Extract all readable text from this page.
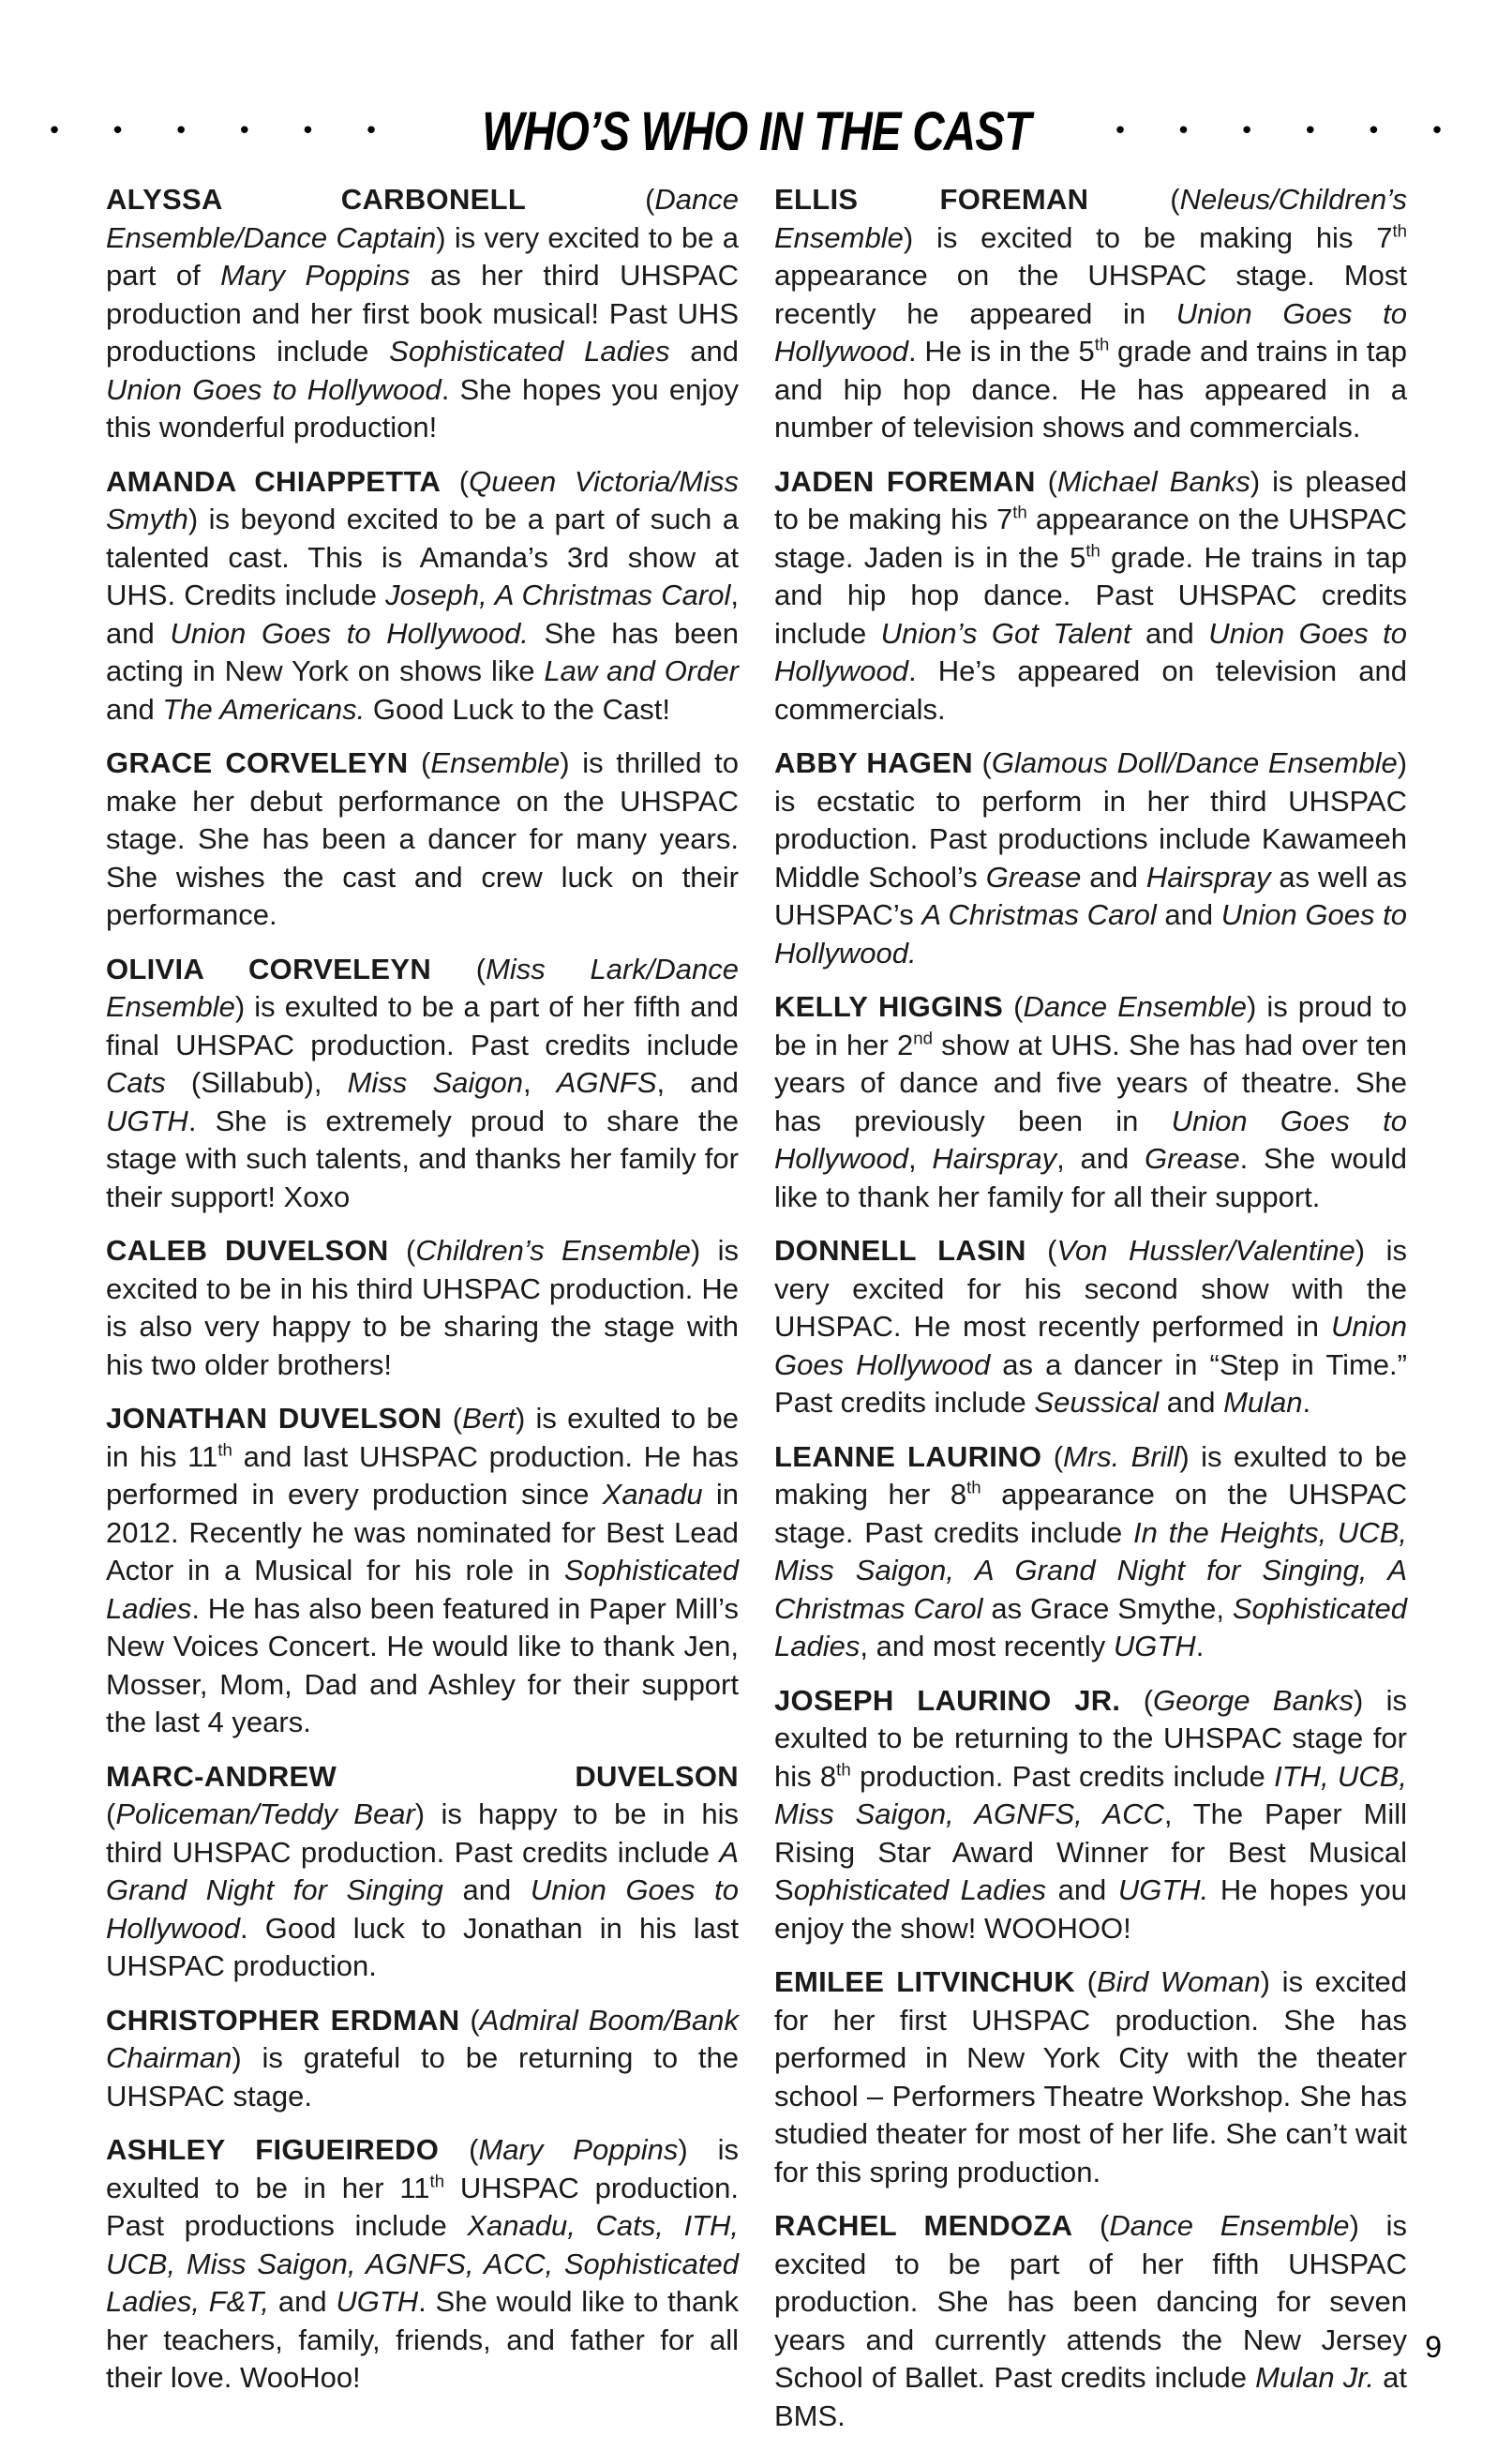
• • • • • • WHO’S WHO IN THE CAST	• • • • • •

ALYSSA CARBONELL (Dance Ensemble/Dance Captain) is very excited to be a part of Mary Poppins as her third UHSPAC production and her first book musical! Past UHS productions include Sophisticated Ladies and Union Goes to Hollywood. She hopes you enjoy this wonderful production!

AMANDA CHIAPPETTA (Queen Victoria/Miss Smyth) is beyond excited to be a part of such a talented cast. This is Amanda’s 3rd show at UHS. Credits include Joseph, A Christmas Carol, and Union Goes to Hollywood. She has been acting in New York on shows like Law and Order and The Americans. Good Luck to the Cast!

GRACE CORVELEYN (Ensemble) is thrilled to make her debut performance on the UHSPAC stage. She has been a dancer for many years. She wishes the cast and crew luck on their performance.

OLIVIA CORVELEYN (Miss Lark/Dance Ensemble) is exulted to be a part of her fifth and final UHSPAC production. Past credits include Cats (Sillabub), Miss Saigon, AGNFS, and UGTH. She is extremely proud to share the stage with such talents, and thanks her family for their support! Xoxo

CALEB DUVELSON (Children’s Ensemble) is excited to be in his third UHSPAC production. He is also very happy to be sharing the stage with his two older brothers!

JONATHAN DUVELSON (Bert) is exulted to be in his 11th and last UHSPAC production. He has performed in every production since Xanadu in 2012. Recently he was nominated for Best Lead Actor in a Musical for his role in Sophisticated Ladies. He has also been featured in Paper Mill’s New Voices Concert. He would like to thank Jen, Mosser, Mom, Dad and Ashley for their support the last 4 years.

MARC-ANDREW DUVELSON (Policeman/Teddy Bear) is happy to be in his third UHSPAC production. Past credits include A Grand Night for Singing and Union Goes to Hollywood. Good luck to Jonathan in his last UHSPAC production.

CHRISTOPHER ERDMAN (Admiral Boom/Bank Chairman) is grateful to be returning to the UHSPAC stage.

ASHLEY FIGUEIREDO (Mary Poppins) is exulted to be in her 11th UHSPAC production. Past productions include Xanadu, Cats, ITH, UCB, Miss Saigon, AGNFS, ACC, Sophisticated Ladies, F&T, and UGTH. She would like to thank her teachers, family, friends, and father for all their love. WooHoo!

ELLIS FOREMAN (Neleus/Children’s Ensemble) is excited to be making his 7th appearance on the UHSPAC stage. Most recently he appeared in Union Goes to Hollywood. He is in the 5th grade and trains in tap and hip hop dance. He has appeared in a number of television shows and commercials.

JADEN FOREMAN (Michael Banks) is pleased to be making his 7th appearance on the UHSPAC stage. Jaden is in the 5th grade. He trains in tap and hip hop dance. Past UHSPAC credits include Union’s Got Talent and Union Goes to Hollywood. He’s appeared on television and commercials.

ABBY HAGEN (Glamous Doll/Dance Ensemble) is ecstatic to perform in her third UHSPAC production. Past productions include Kawameeh Middle School’s Grease and Hairspray as well as UHSPAC’s A Christmas Carol and Union Goes to Hollywood.

KELLY HIGGINS (Dance Ensemble) is proud to be in her 2nd show at UHS. She has had over ten years of dance and five years of theatre. She has previously been in Union Goes to Hollywood, Hairspray, and Grease. She would like to thank her family for all their support.

DONNELL LASIN (Von Hussler/Valentine) is very excited for his second show with the UHSPAC. He most recently performed in Union Goes Hollywood as a dancer in “Step in Time.” Past credits include Seussical and Mulan.

LEANNE LAURINO (Mrs. Brill) is exulted to be making her 8th appearance on the UHSPAC stage. Past credits include In the Heights, UCB, Miss Saigon, A Grand Night for Singing, A Christmas Carol as Grace Smythe, Sophisticated Ladies, and most recently UGTH.

JOSEPH LAURINO JR. (George Banks) is exulted to be returning to the UHSPAC stage for his 8th production. Past credits include ITH, UCB, Miss Saigon, AGNFS, ACC, The Paper Mill Rising Star Award Winner for Best Musical Sophisticated Ladies and UGTH. He hopes you enjoy the show! WOOHOO!

EMILEE LITVINCHUK (Bird Woman) is excited for her first UHSPAC production. She has performed in New York City with the theater school – Performers Theatre Workshop. She has studied theater for most of her life. She can’t wait for this spring production.

RACHEL MENDOZA (Dance Ensemble) is excited to be part of her fifth UHSPAC production. She has been dancing for seven years and currently attends the New Jersey School of Ballet. Past credits include Mulan Jr. at BMS.

9
